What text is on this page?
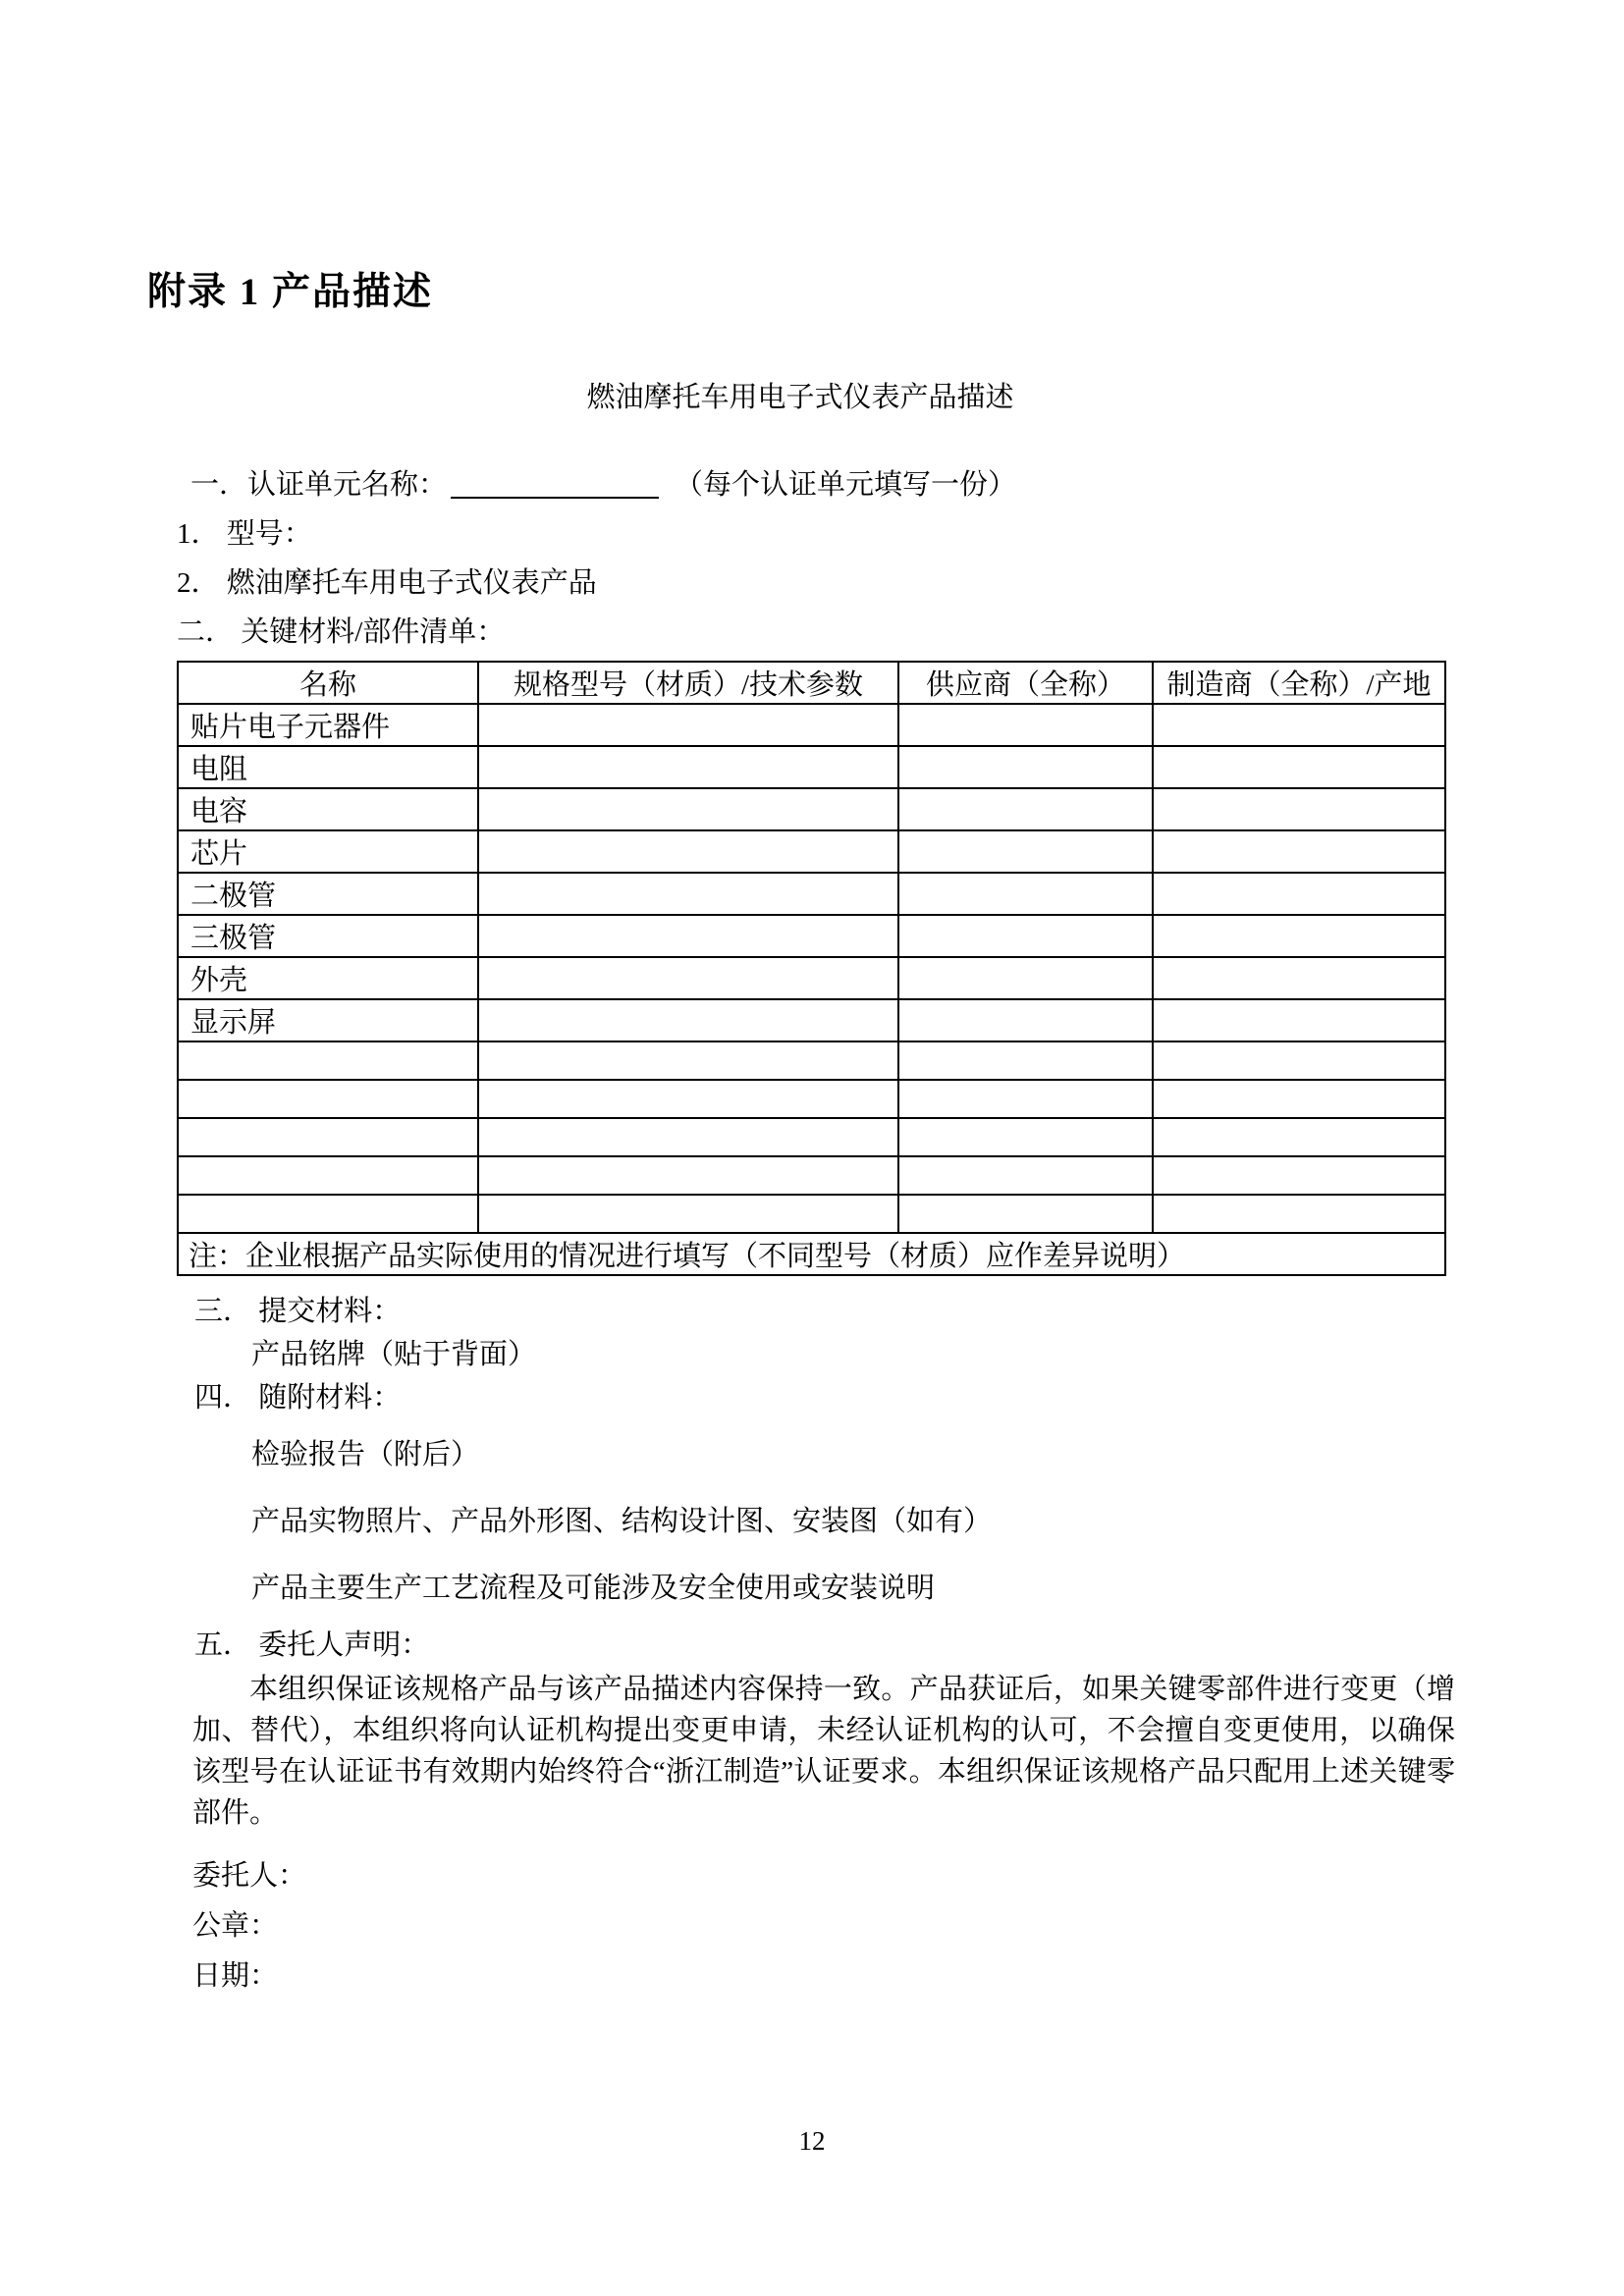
附录 1 产品描述
燃油摩托车用电子式仪表产品描述
一．认证单元名称：	（每个认证单元填写一份）
1． 型号：
2． 燃油摩托车用电子式仪表产品
二． 关键材料/部件清单：
名称	规格型号（材质）/技术参数	供应商（全称）	制造商（全称）/产地
贴片电子元器件			
电阻			
电容			
芯片			
二极管			
三极管			
外壳			
显示屏			

注：企业根据产品实际使用的情况进行填写（不同型号（材质）应作差异说明）			
三． 提交材料：
产品铭牌（贴于背面）
四． 随附材料：
检验报告（附后）
产品实物照片、产品外形图、结构设计图、安装图（如有）
产品主要生产工艺流程及可能涉及安全使用或安装说明
五． 委托人声明：
本组织保证该规格产品与该产品描述内容保持一致。产品获证后，如果关键零部件进行变更（增加、替代），本组织将向认证机构提出变更申请，未经认证机构的认可，不会擅自变更使用，以确保该型号在认证证书有效期内始终符合“浙江制造”认证要求。本组织保证该规格产品只配用上述关键零部件。
委托人：
公章：
日期：
12
